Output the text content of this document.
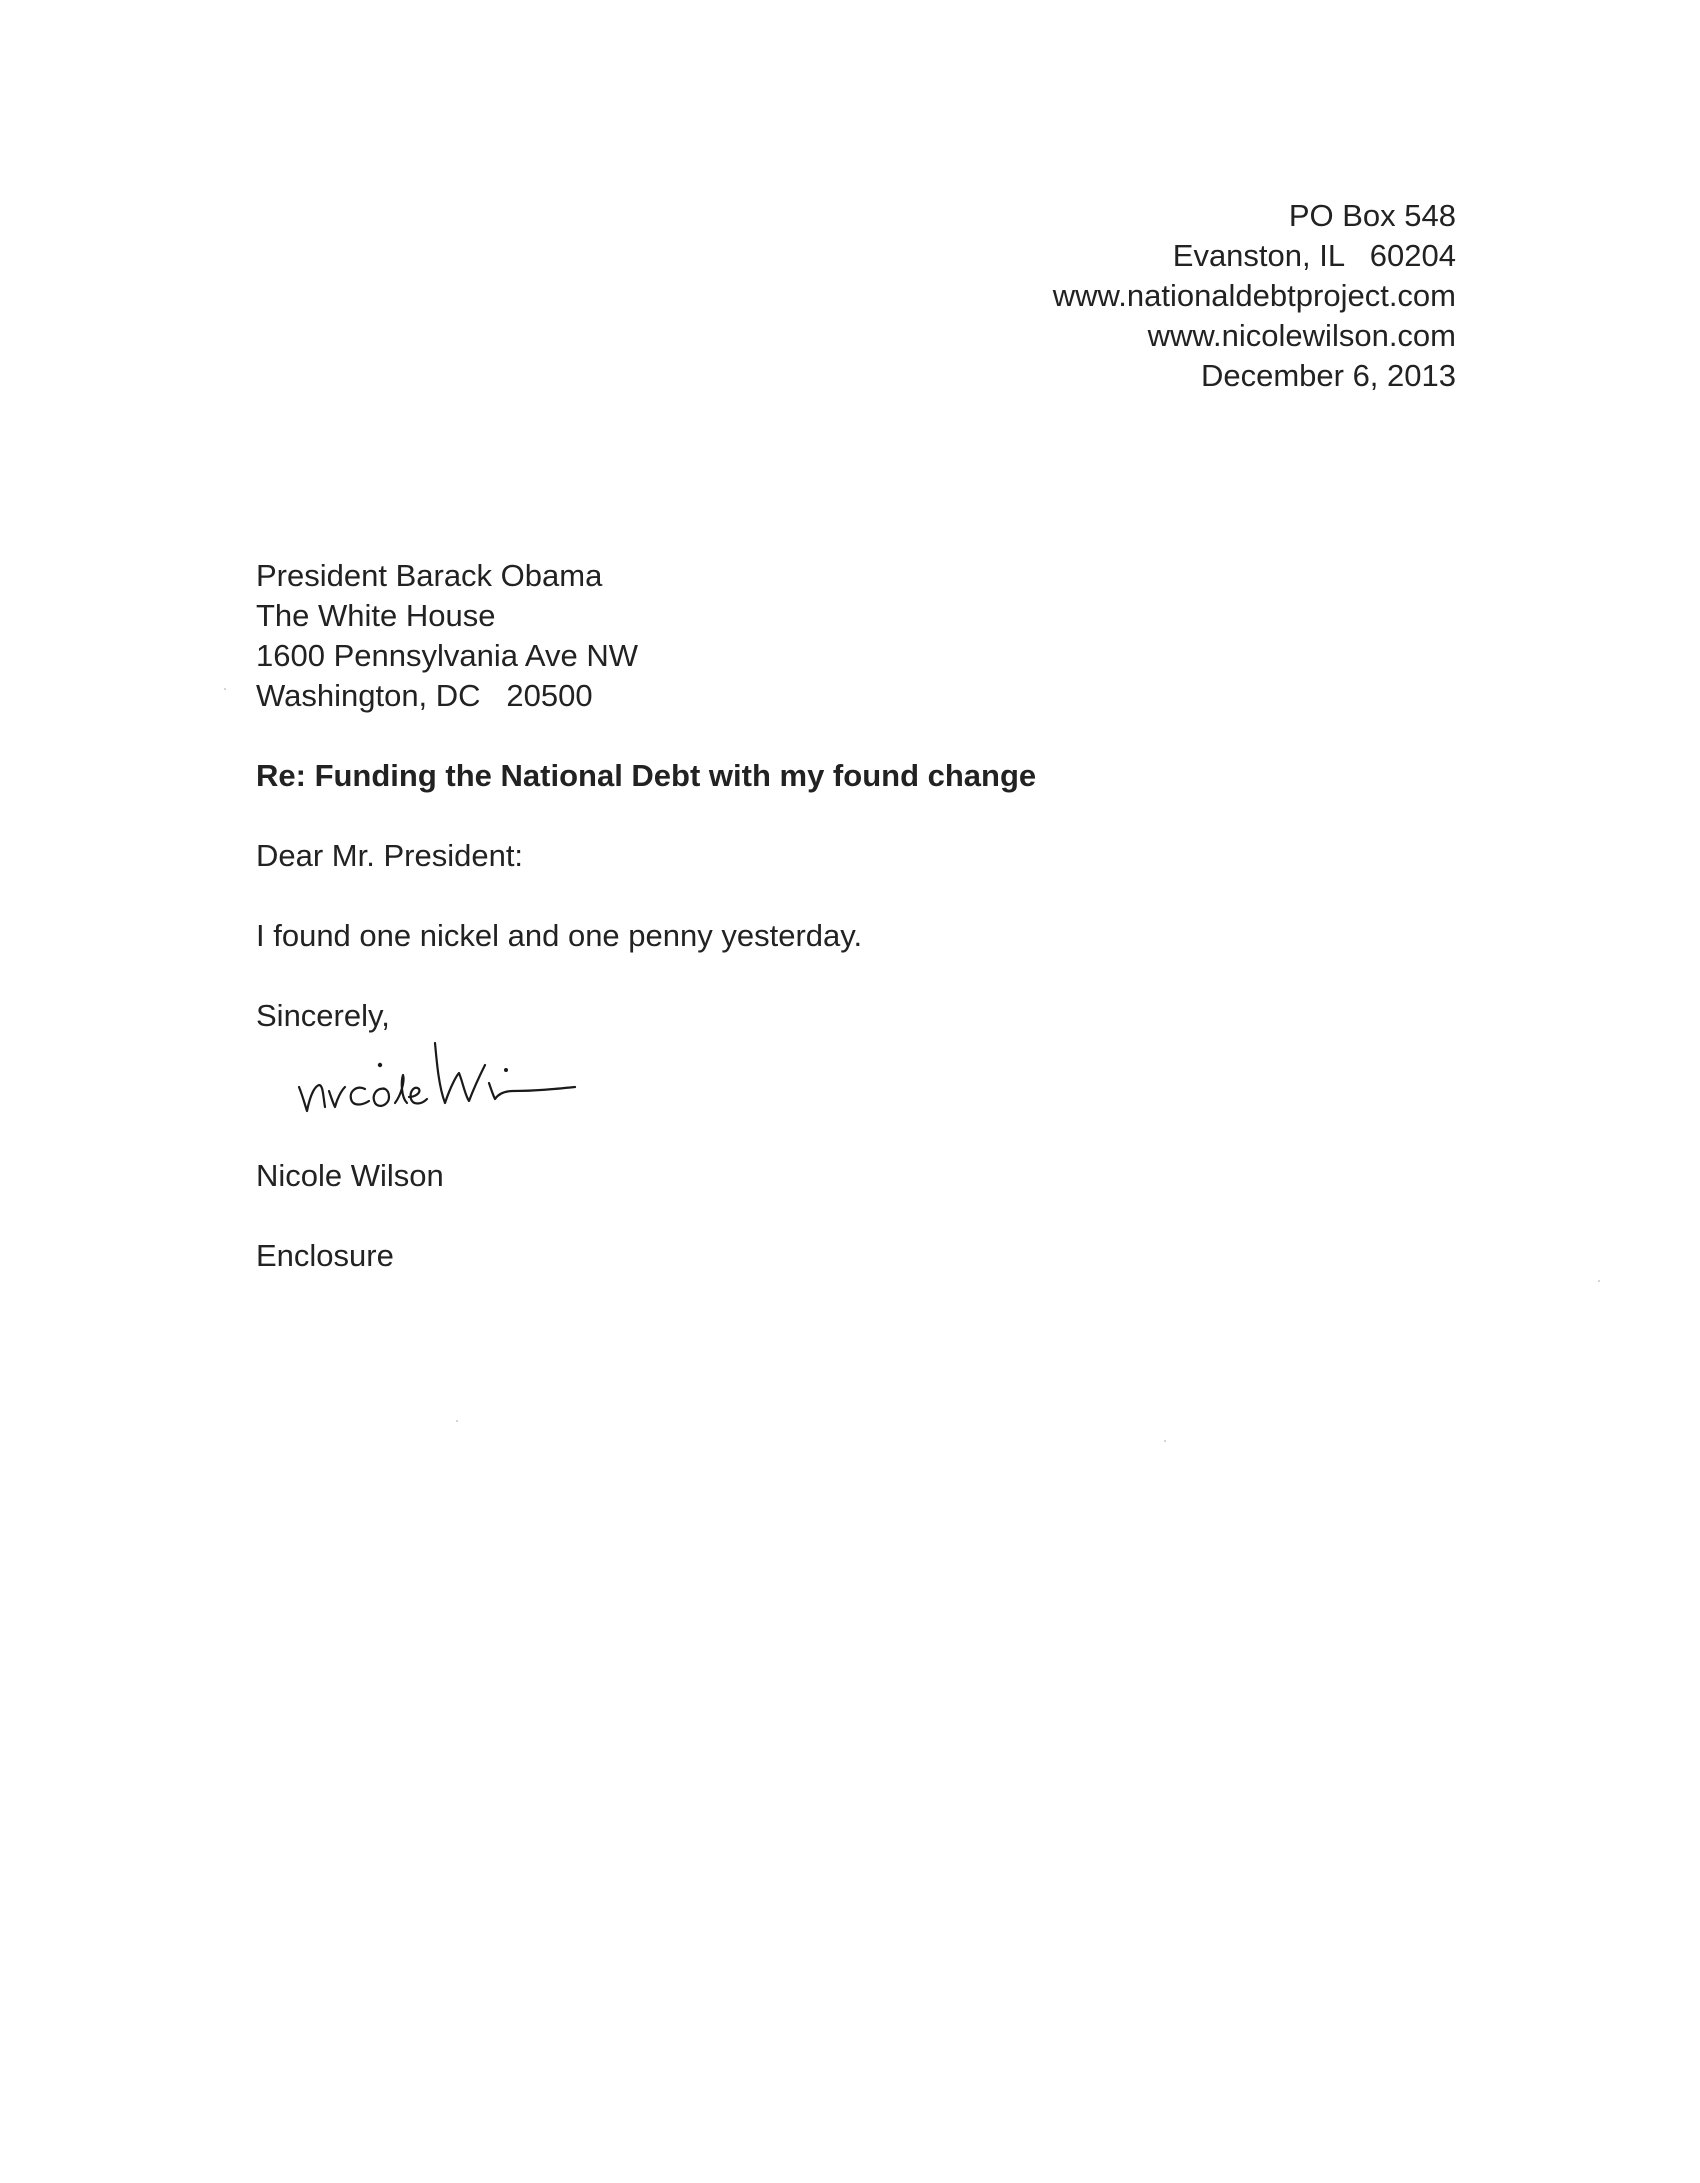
PO Box 548
Evanston, IL   60204
www.nationaldebtproject.com
www.nicolewilson.com
December 6, 2013
President Barack Obama
The White House
1600 Pennsylvania Ave NW
Washington, DC   20500
Re: Funding the National Debt with my found change
Dear Mr. President:
I found one nickel and one penny yesterday.
Sincerely,
Nicole Wilson
Enclosure
